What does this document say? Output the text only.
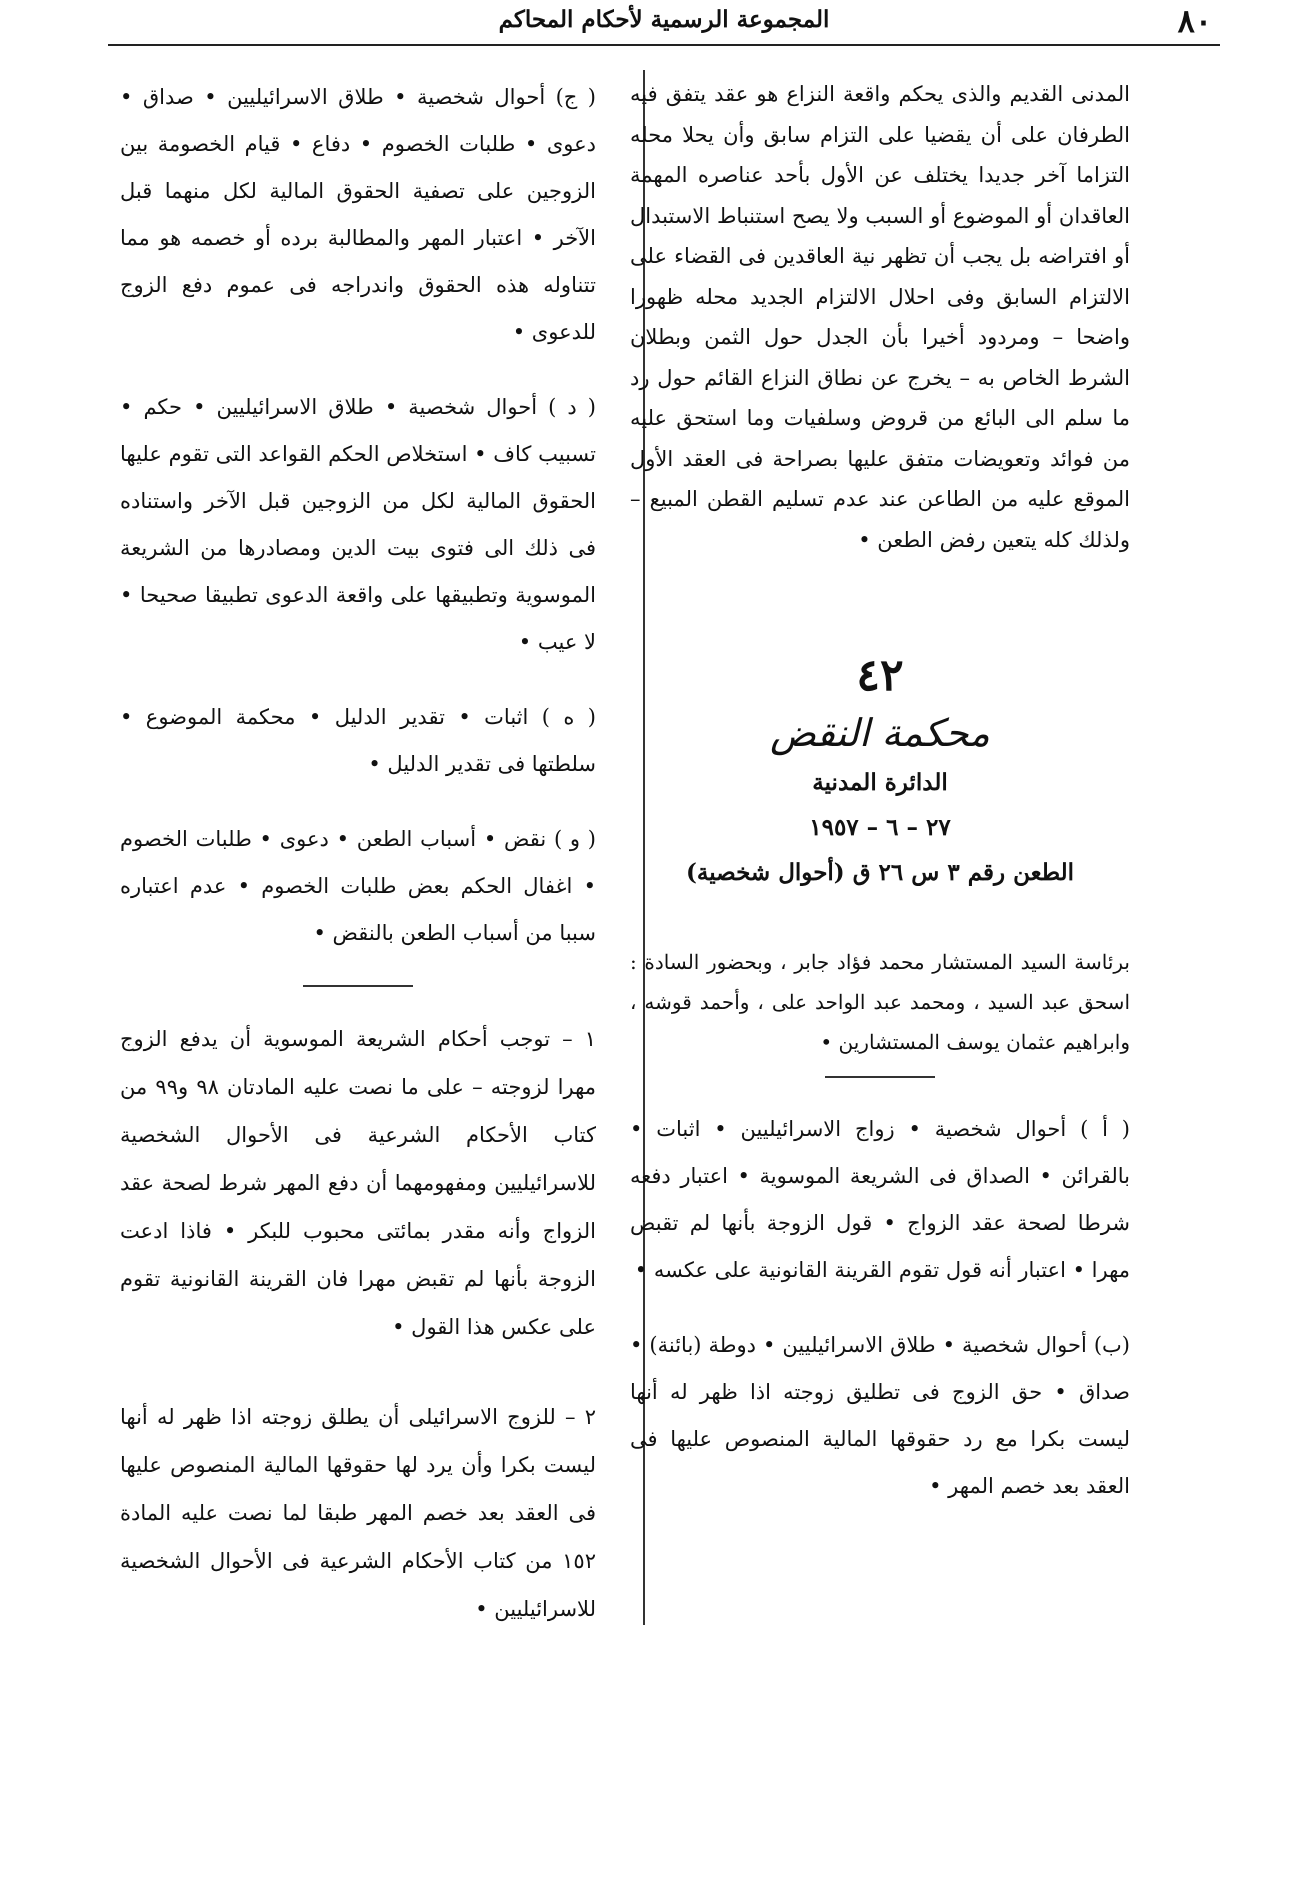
٨٠
المجموعة الرسمية لأحكام المحاكم

المدنى القديم والذى يحكم واقعة النزاع هو عقد يتفق فيه الطرفان على أن يقضيا على التزام سابق وأن يحلا محله التزاما آخر جديدا يختلف عن الأول بأحد عناصره المهمة العاقدان أو الموضوع أو السبب ولا يصح استنباط الاستبدال أو افتراضه بل يجب أن تظهر نية العاقدين فى القضاء على الالتزام السابق وفى احلال الالتزام الجديد محله ظهورا واضحا – ومردود أخيرا بأن الجدل حول الثمن وبطلان الشرط الخاص به – يخرج عن نطاق النزاع القائم حول رد ما سلم الى البائع من قروض وسلفيات وما استحق عليه من فوائد وتعويضات متفق عليها بصراحة فى العقد الأول الموقع عليه من الطاعن عند عدم تسليم القطن المبيع – ولذلك كله يتعين رفض الطعن •

٤٢
محكمة النقض
الدائرة المدنية
٢٧ – ٦ – ١٩٥٧
الطعن رقم ٣ س ٢٦ ق (أحوال شخصية)

برئاسة السيد المستشار محمد فؤاد جابر ، وبحضور السادة : اسحق عبد السيد ، ومحمد عبد الواحد على ، وأحمد قوشه ، وابراهيم عثمان يوسف المستشارين •

( أ ) أحوال شخصية • زواج الاسرائيليين • اثبات • بالقرائن • الصداق فى الشريعة الموسوية • اعتبار دفعه شرطا لصحة عقد الزواج • قول الزوجة بأنها لم تقبض مهرا • اعتبار أنه قول تقوم القرينة القانونية على عكسه •

(ب) أحوال شخصية • طلاق الاسرائيليين • دوطة (بائنة) • صداق • حق الزوج فى تطليق زوجته اذا ظهر له أنها ليست بكرا مع رد حقوقها المالية المنصوص عليها فى العقد بعد خصم المهر •

( ج) أحوال شخصية • طلاق الاسرائيليين • صداق • دعوى • طلبات الخصوم • دفاع • قيام الخصومة بين الزوجين على تصفية الحقوق المالية لكل منهما قبل الآخر • اعتبار المهر والمطالبة برده أو خصمه هو مما تتناوله هذه الحقوق واندراجه فى عموم دفع الزوج للدعوى •

( د ) أحوال شخصية • طلاق الاسرائيليين • حكم • تسبيب كاف • استخلاص الحكم القواعد التى تقوم عليها الحقوق المالية لكل من الزوجين قبل الآخر واستناده فى ذلك الى فتوى بيت الدين ومصادرها من الشريعة الموسوية وتطبيقها على واقعة الدعوى تطبيقا صحيحا • لا عيب •

( ه ) اثبات • تقدير الدليل • محكمة الموضوع • سلطتها فى تقدير الدليل •

( و ) نقض • أسباب الطعن • دعوى • طلبات الخصوم • اغفال الحكم بعض طلبات الخصوم • عدم اعتباره سببا من أسباب الطعن بالنقض •

١ – توجب أحكام الشريعة الموسوية أن يدفع الزوج مهرا لزوجته – على ما نصت عليه المادتان ٩٨ و٩٩ من كتاب الأحكام الشرعية فى الأحوال الشخصية للاسرائيليين ومفهومهما أن دفع المهر شرط لصحة عقد الزواج وأنه مقدر بمائتى محبوب للبكر • فاذا ادعت الزوجة بأنها لم تقبض مهرا فان القرينة القانونية تقوم على عكس هذا القول •

٢ – للزوج الاسرائيلى أن يطلق زوجته اذا ظهر له أنها ليست بكرا وأن يرد لها حقوقها المالية المنصوص عليها فى العقد بعد خصم المهر طبقا لما نصت عليه المادة ١٥٢ من كتاب الأحكام الشرعية فى الأحوال الشخصية للاسرائيليين •
